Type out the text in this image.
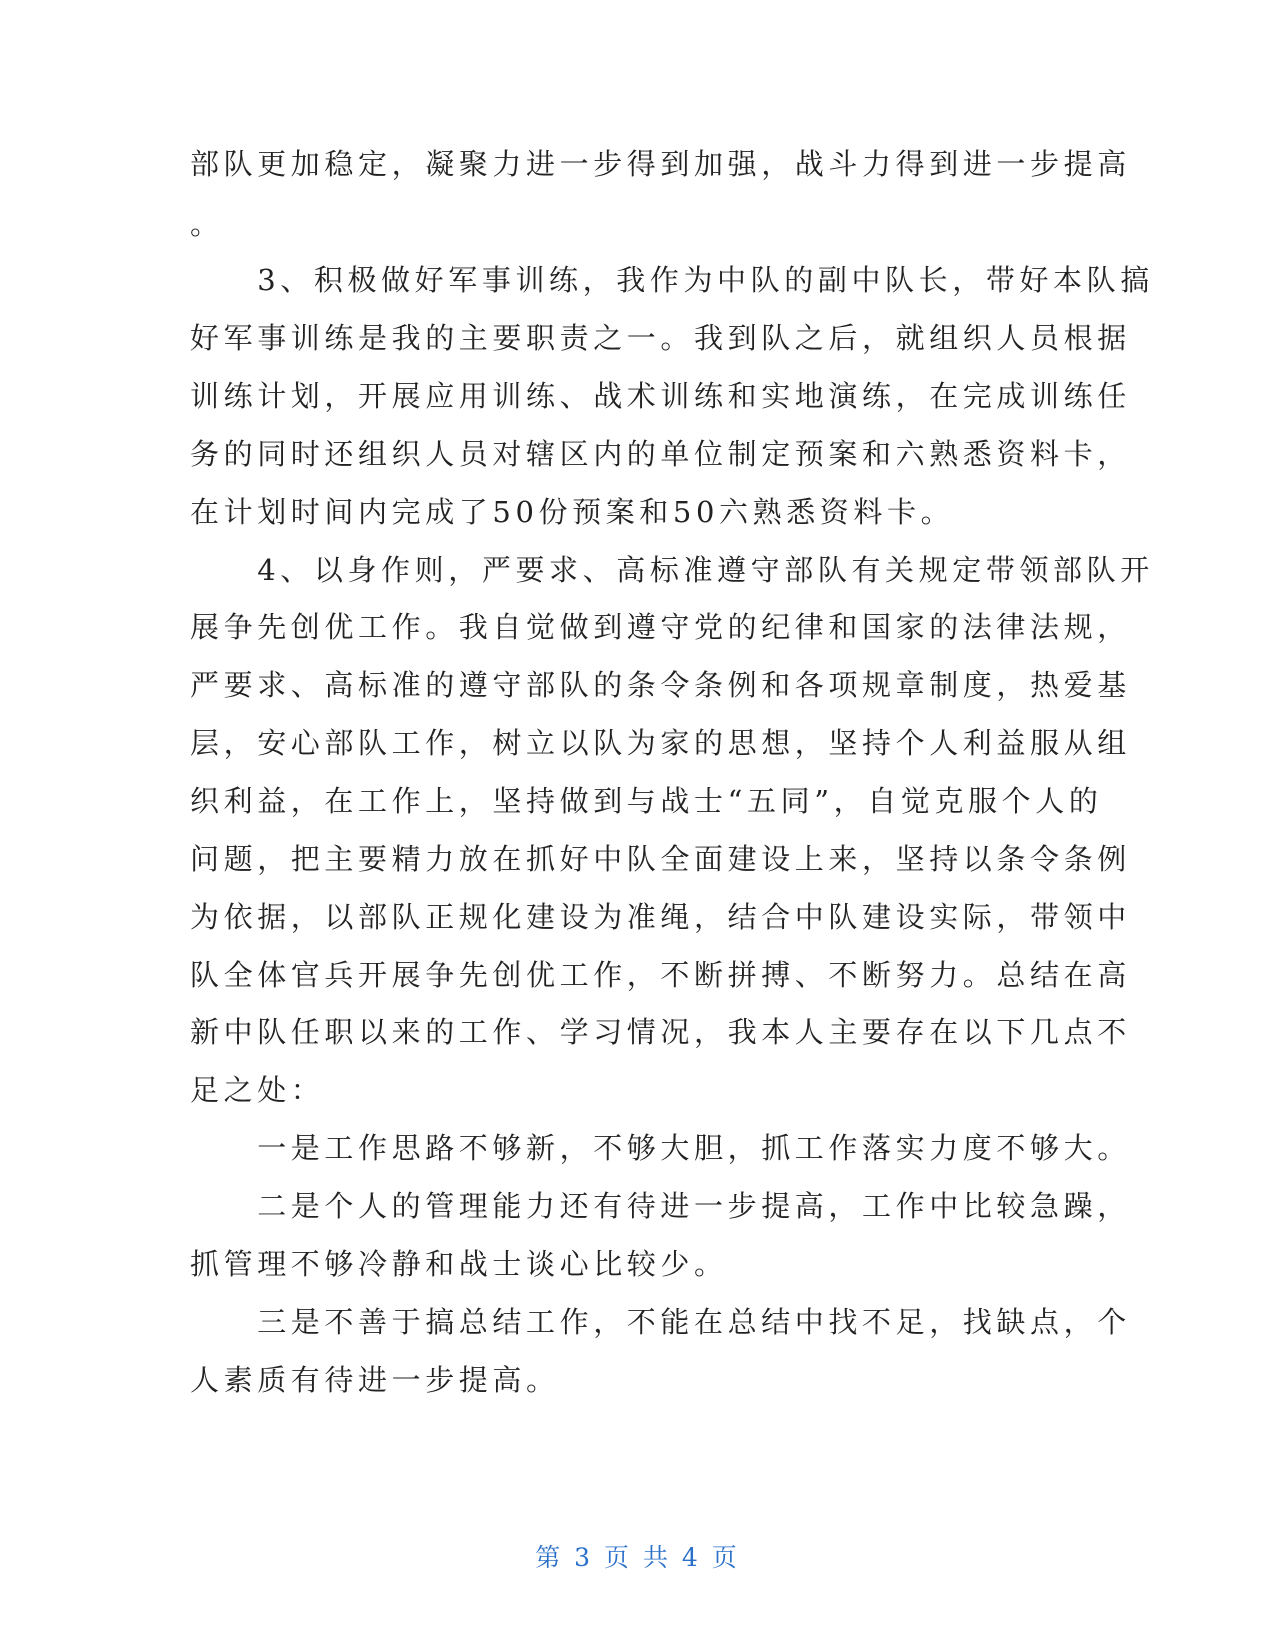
部队更加稳定，凝聚力进一步得到加强，战斗力得到进一步提高
。
　　3、积极做好军事训练，我作为中队的副中队长，带好本队搞
好军事训练是我的主要职责之一。我到队之后，就组织人员根据
训练计划，开展应用训练、战术训练和实地演练，在完成训练任
务的同时还组织人员对辖区内的单位制定预案和六熟悉资料卡，
在计划时间内完成了50份预案和50六熟悉资料卡。
　　4、以身作则，严要求、高标准遵守部队有关规定带领部队开
展争先创优工作。我自觉做到遵守党的纪律和国家的法律法规，
严要求、高标准的遵守部队的条令条例和各项规章制度，热爱基
层，安心部队工作，树立以队为家的思想，坚持个人利益服从组
织利益，在工作上，坚持做到与战士“五同”，自觉克服个人的
问题，把主要精力放在抓好中队全面建设上来，坚持以条令条例
为依据，以部队正规化建设为准绳，结合中队建设实际，带领中
队全体官兵开展争先创优工作，不断拼搏、不断努力。总结在高
新中队任职以来的工作、学习情况，我本人主要存在以下几点不
足之处：
　　一是工作思路不够新，不够大胆，抓工作落实力度不够大。
　　二是个人的管理能力还有待进一步提高，工作中比较急躁，
抓管理不够冷静和战士谈心比较少。
　　三是不善于搞总结工作，不能在总结中找不足，找缺点，个
人素质有待进一步提高。
第 3 页 共 4 页
